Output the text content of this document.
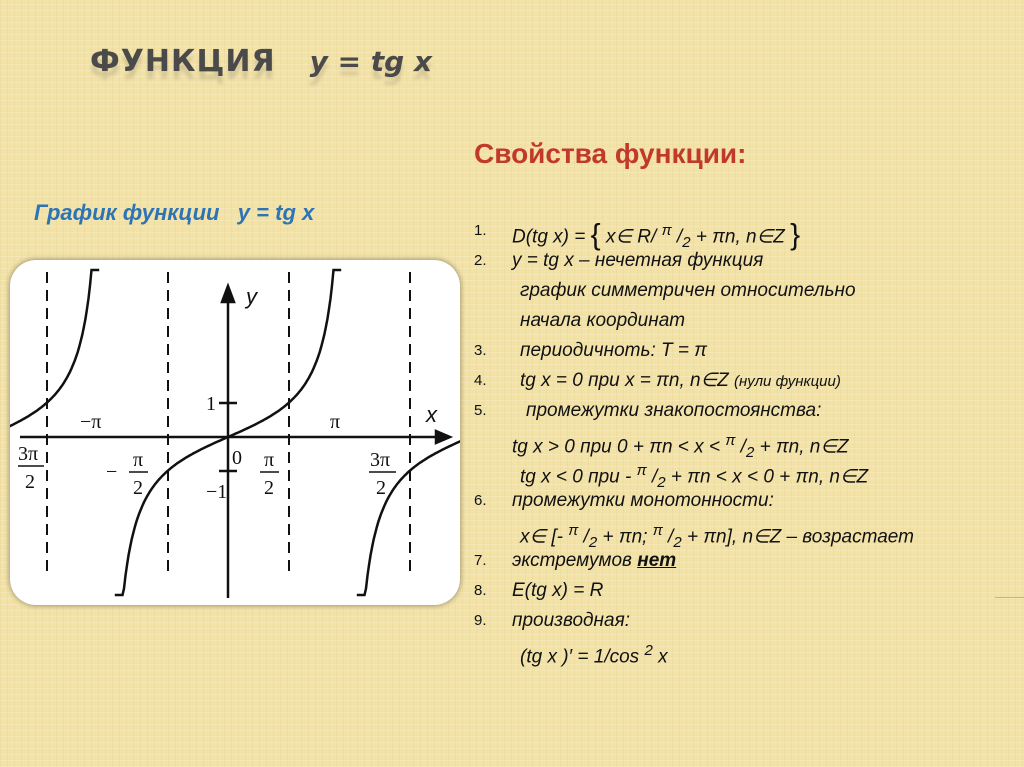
ФУНКЦИЯ y = tg x
Свойства функции:
График функции   y = tg x
y
x
−π	π
1
0
−1
3π
2	−
π
2
π
2
3π
2
1. D(tg x) = { x∈ R/ $^\pi$ $/_2 + \pi n$, n∈Z }
2. y = tg x – нечетная функция
график симметричен относительно
начала координат
3. периодичноть: T = π
4. tg x = 0 при x = πn, n∈Z (нули функции)
5. промежутки знакопостоянства:
tg x > 0 при 0 + πn < x < $^\pi$ $/_2 + \pi n$, n∈Z
tg x < 0 при - $^\pi$ $/_2 + \pi n < x < 0 + \pi n$, n∈Z
6. промежутки монотонности:
x∈ [- $^\pi$ $/_2 + \pi n$; $^\pi$ $/_2 + \pi n$], n∈Z – возрастает
7. экстремумов нет
8. E(tg x) = R
9. производная:
(tg x )′ = 1/cos $^2$ x
